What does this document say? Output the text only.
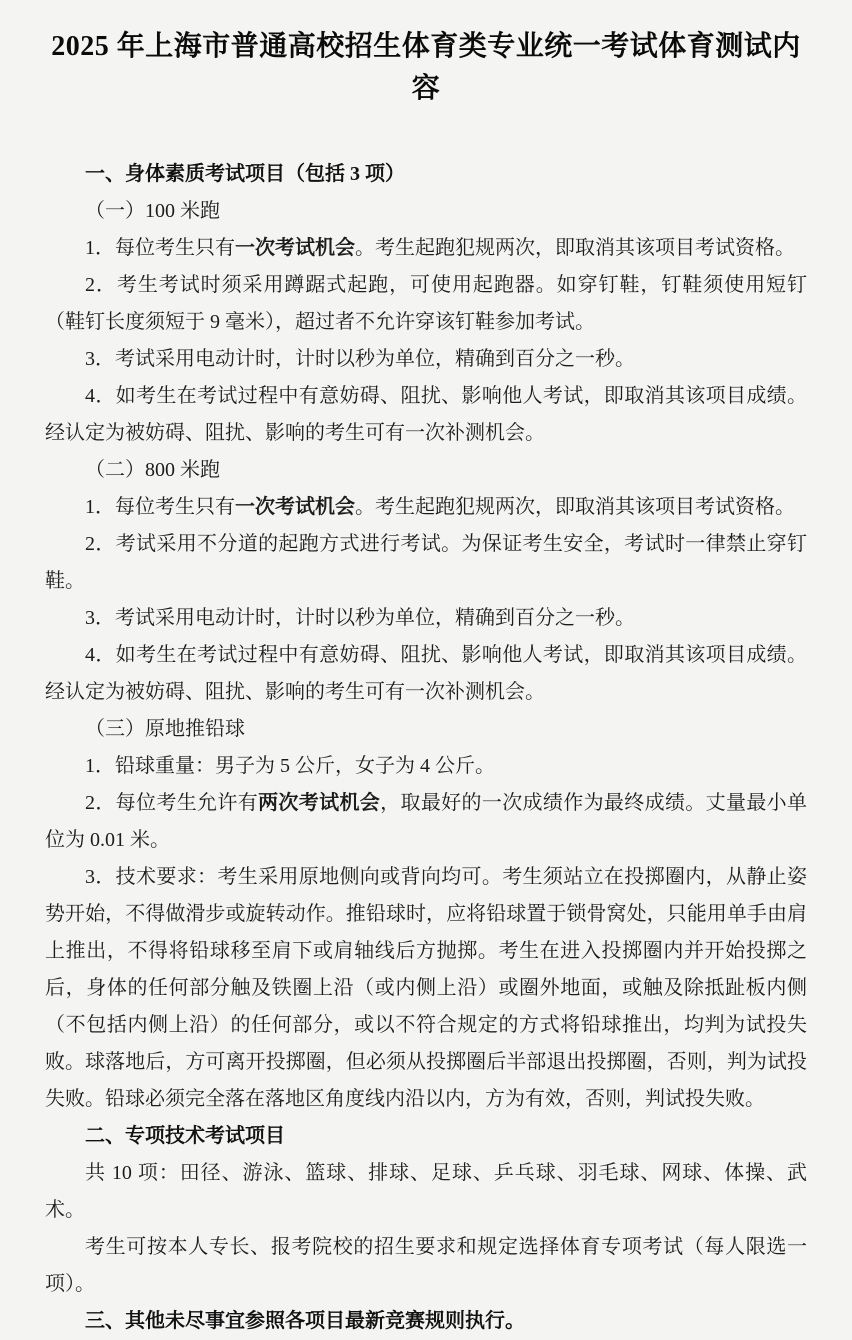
2025 年上海市普通高校招生体育类专业统一考试体育测试内容

一、身体素质考试项目（包括 3 项）

（一）100 米跑

1．每位考生只有一次考试机会。考生起跑犯规两次，即取消其该项目考试资格。

2．考生考试时须采用蹲踞式起跑，可使用起跑器。如穿钉鞋，钉鞋须使用短钉（鞋钉长度须短于 9 毫米），超过者不允许穿该钉鞋参加考试。

3．考试采用电动计时，计时以秒为单位，精确到百分之一秒。

4．如考生在考试过程中有意妨碍、阻扰、影响他人考试，即取消其该项目成绩。经认定为被妨碍、阻扰、影响的考生可有一次补测机会。

（二）800 米跑

1．每位考生只有一次考试机会。考生起跑犯规两次，即取消其该项目考试资格。

2．考试采用不分道的起跑方式进行考试。为保证考生安全，考试时一律禁止穿钉鞋。

3．考试采用电动计时，计时以秒为单位，精确到百分之一秒。

4．如考生在考试过程中有意妨碍、阻扰、影响他人考试，即取消其该项目成绩。经认定为被妨碍、阻扰、影响的考生可有一次补测机会。

（三）原地推铅球

1．铅球重量：男子为 5 公斤，女子为 4 公斤。

2．每位考生允许有两次考试机会，取最好的一次成绩作为最终成绩。丈量最小单位为 0.01 米。

3．技术要求：考生采用原地侧向或背向均可。考生须站立在投掷圈内，从静止姿势开始，不得做滑步或旋转动作。推铅球时，应将铅球置于锁骨窝处，只能用单手由肩上推出，不得将铅球移至肩下或肩轴线后方抛掷。考生在进入投掷圈内并开始投掷之后，身体的任何部分触及铁圈上沿（或内侧上沿）或圈外地面，或触及除抵趾板内侧（不包括内侧上沿）的任何部分，或以不符合规定的方式将铅球推出，均判为试投失败。球落地后，方可离开投掷圈，但必须从投掷圈后半部退出投掷圈，否则，判为试投失败。铅球必须完全落在落地区角度线内沿以内，方为有效，否则，判试投失败。

二、专项技术考试项目

共 10 项：田径、游泳、篮球、排球、足球、乒乓球、羽毛球、网球、体操、武术。

考生可按本人专长、报考院校的招生要求和规定选择体育专项考试（每人限选一项）。

三、其他未尽事宜参照各项目最新竞赛规则执行。
